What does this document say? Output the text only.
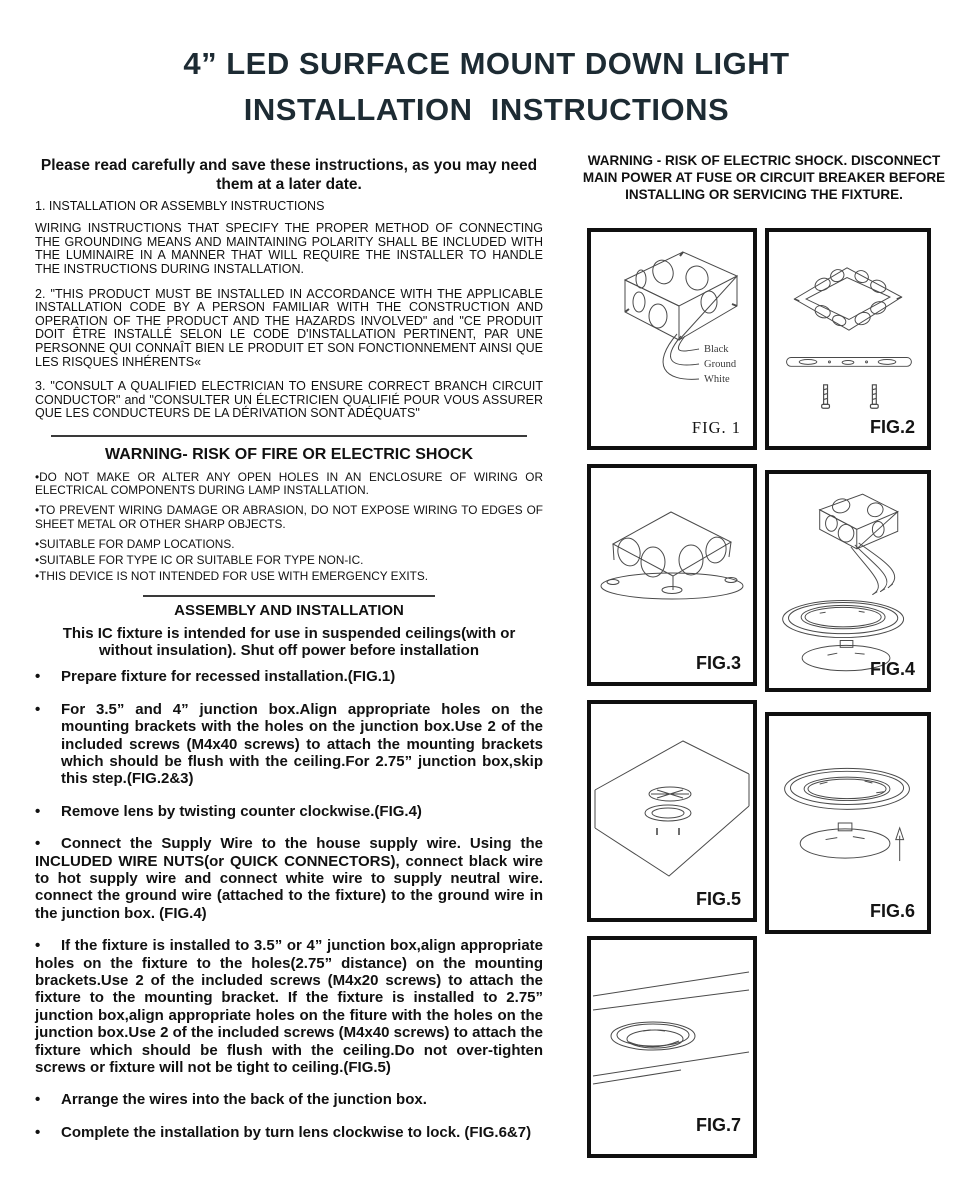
4” LED SURFACE MOUNT DOWN LIGHT
INSTALLATION  INSTRUCTIONS
Please read carefully and save these instructions, as you may need them at a later date.

1. INSTALLATION OR ASSEMBLY INSTRUCTIONS

WIRING INSTRUCTIONS THAT SPECIFY THE PROPER METHOD OF CONNECTING THE GROUNDING MEANS AND MAINTAINING POLARITY SHALL BE INCLUDED WITH THE LUMINAIRE IN A MANNER THAT WILL REQUIRE THE INSTALLER TO HANDLE THE INSTRUCTIONS DURING INSTALLATION.

2. "THIS PRODUCT MUST BE INSTALLED IN ACCORDANCE WITH THE APPLICABLE INSTALLATION CODE BY A PERSON FAMILIAR WITH THE CONSTRUCTION AND OPERATION OF THE PRODUCT AND THE HAZARDS INVOLVED" and "CE PRODUIT DOIT ÊTRE INSTALLÉ SELON LE CODE D'INSTALLATION PERTINENT, PAR UNE PERSONNE QUI CONNAÎT BIEN LE PRODUIT ET SON FONCTIONNEMENT AINSI QUE LES RISQUES INHÉRENTS«

3. "CONSULT A QUALIFIED ELECTRICIAN TO ENSURE CORRECT BRANCH CIRCUIT CONDUCTOR" and "CONSULTER UN ÉLECTRICIEN QUALIFIÉ POUR VOUS ASSURER QUE LES CONDUCTEURS DE LA DÉRIVATION SONT ADÉQUATS"

WARNING- RISK OF FIRE OR ELECTRIC SHOCK

•DO NOT MAKE OR ALTER ANY OPEN HOLES IN AN ENCLOSURE OF WIRING OR ELECTRICAL COMPONENTS DURING LAMP INSTALLATION.

•TO PREVENT WIRING DAMAGE OR ABRASION, DO NOT EXPOSE WIRING TO EDGES OF SHEET METAL OR OTHER SHARP OBJECTS.

•SUITABLE FOR DAMP LOCATIONS.

•SUITABLE FOR TYPE IC OR SUITABLE FOR TYPE NON-IC.

•THIS DEVICE IS NOT INTENDED FOR USE WITH EMERGENCY EXITS.

ASSEMBLY AND INSTALLATION

This IC fixture is intended for use in suspended ceilings(with or without insulation). Shut off power before installation

•	Prepare fixture for recessed installation.(FIG.1)
•	For 3.5” and 4” junction box.Align appropriate holes on the mounting brackets with the holes on the junction box.Use 2 of the included screws (M4x40 screws) to attach the mounting brackets which should be flush with the ceiling.For 2.75” junction box,skip this step.(FIG.2&3)
•	Remove lens by twisting counter clockwise.(FIG.4)
•	Connect the Supply Wire to the house supply wire. Using the INCLUDED WIRE NUTS(or QUICK CONNECTORS), connect black wire to hot supply wire and connect white wire to supply neutral wire. connect the ground wire (attached to the fixture) to the ground wire in the junction box. (FIG.4)
•	If the fixture is installed to 3.5” or 4” junction box,align appropriate holes on the fixture to the holes(2.75” distance) on the mounting brackets.Use 2 of the included screws (M4x20 screws) to attach the fixture to the mounting bracket. If the fixture is installed to 2.75” junction box,align appropriate holes on the fiture with the holes on the junction box.Use 2 of the included screws (M4x40 screws) to attach the fixture which should be flush with the ceiling.Do not over-tighten screws or fixture will not be tight to ceiling.(FIG.5)
•	Arrange the wires into the back of the junction box.
•	Complete the installation by turn lens clockwise to lock. (FIG.6&7)
WARNING - RISK OF ELECTRIC SHOCK. DISCONNECT MAIN POWER AT FUSE OR CIRCUIT BREAKER BEFORE INSTALLING OR SERVICING THE FIXTURE.
Black
Ground
White
FIG. 1
FIG.3
FIG.5
FIG.7
FIG.2
FIG.4
FIG.6
